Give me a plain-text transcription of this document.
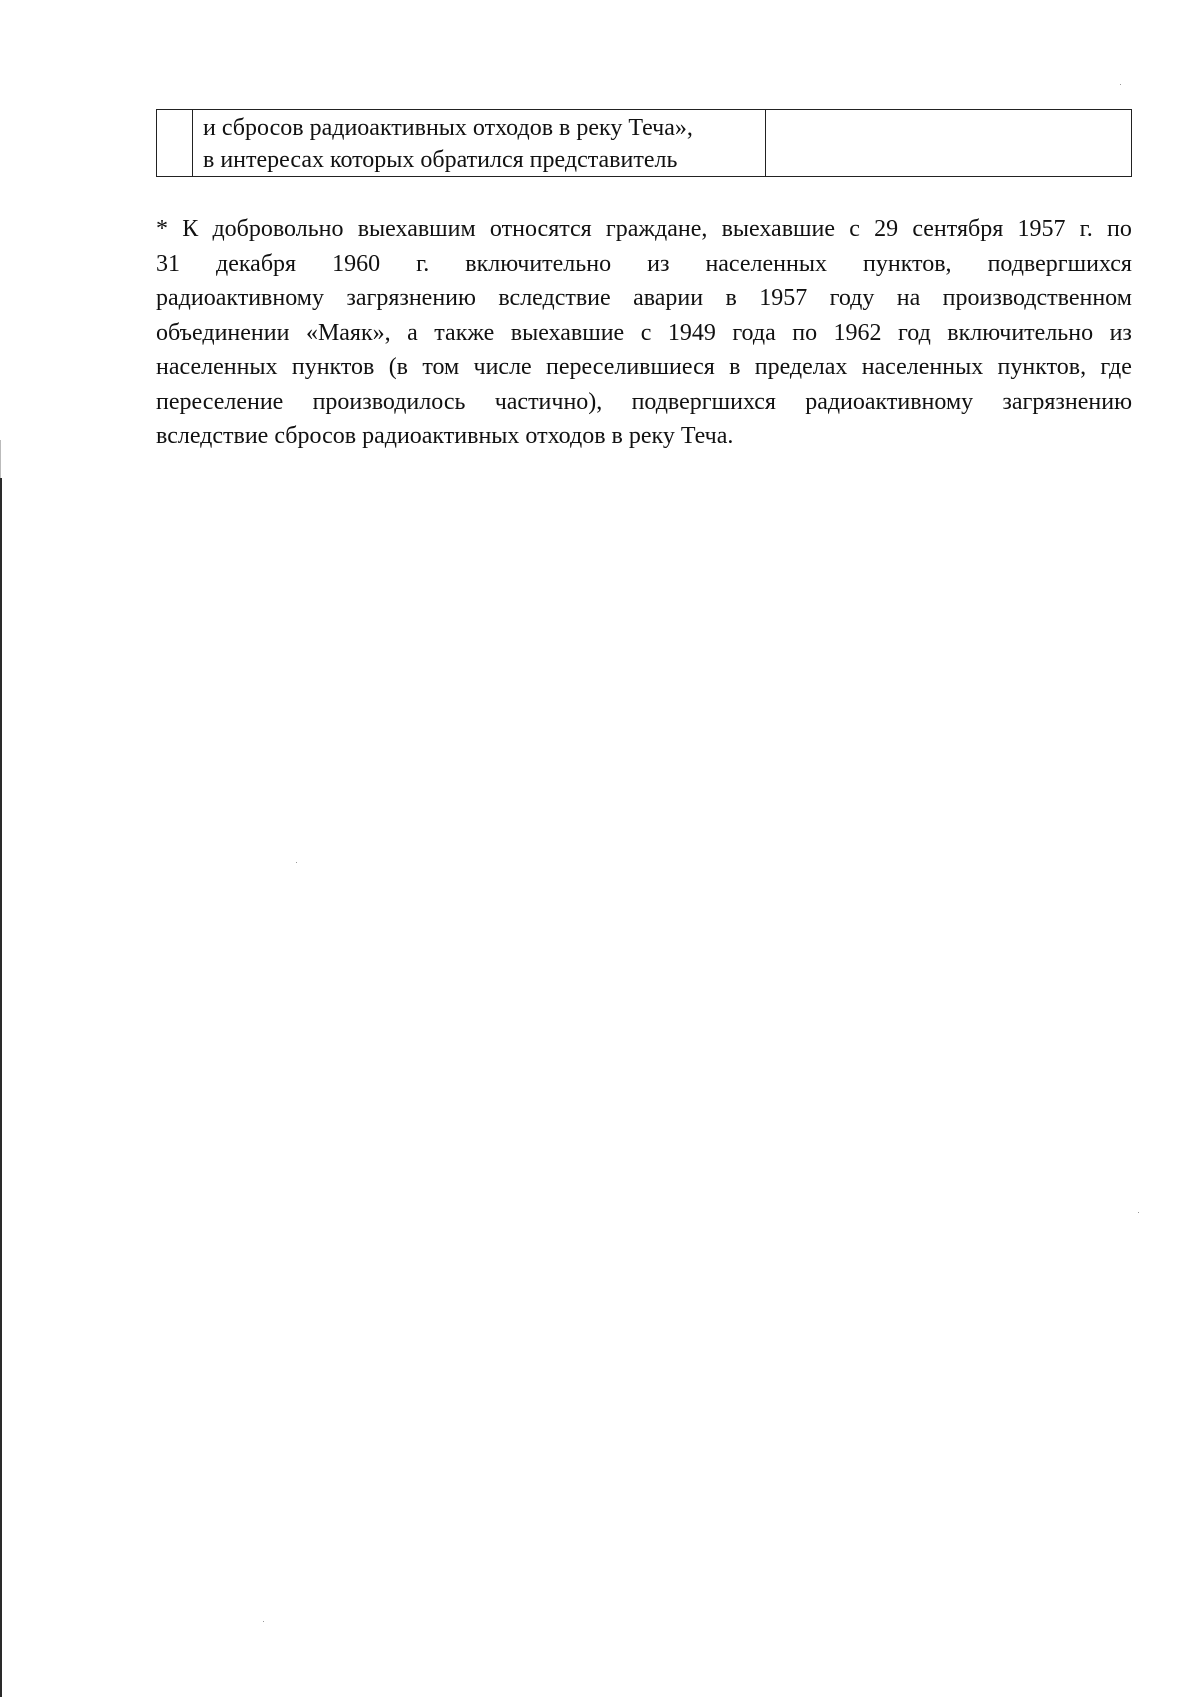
и сбросов радиоактивных отходов в реку Теча»,
в интересах которых обратился представитель

* К добровольно выехавшим относятся граждане, выехавшие с 29 сентября 1957 г. по
31 декабря 1960 г. включительно из населенных пунктов, подвергшихся
радиоактивному загрязнению вследствие аварии в 1957 году на производственном
объединении «Маяк», а также выехавшие с 1949 года по 1962 год включительно из
населенных пунктов (в том числе переселившиеся в пределах населенных пунктов, где
переселение производилось частично), подвергшихся радиоактивному загрязнению
вследствие сбросов радиоактивных отходов в реку Теча.
